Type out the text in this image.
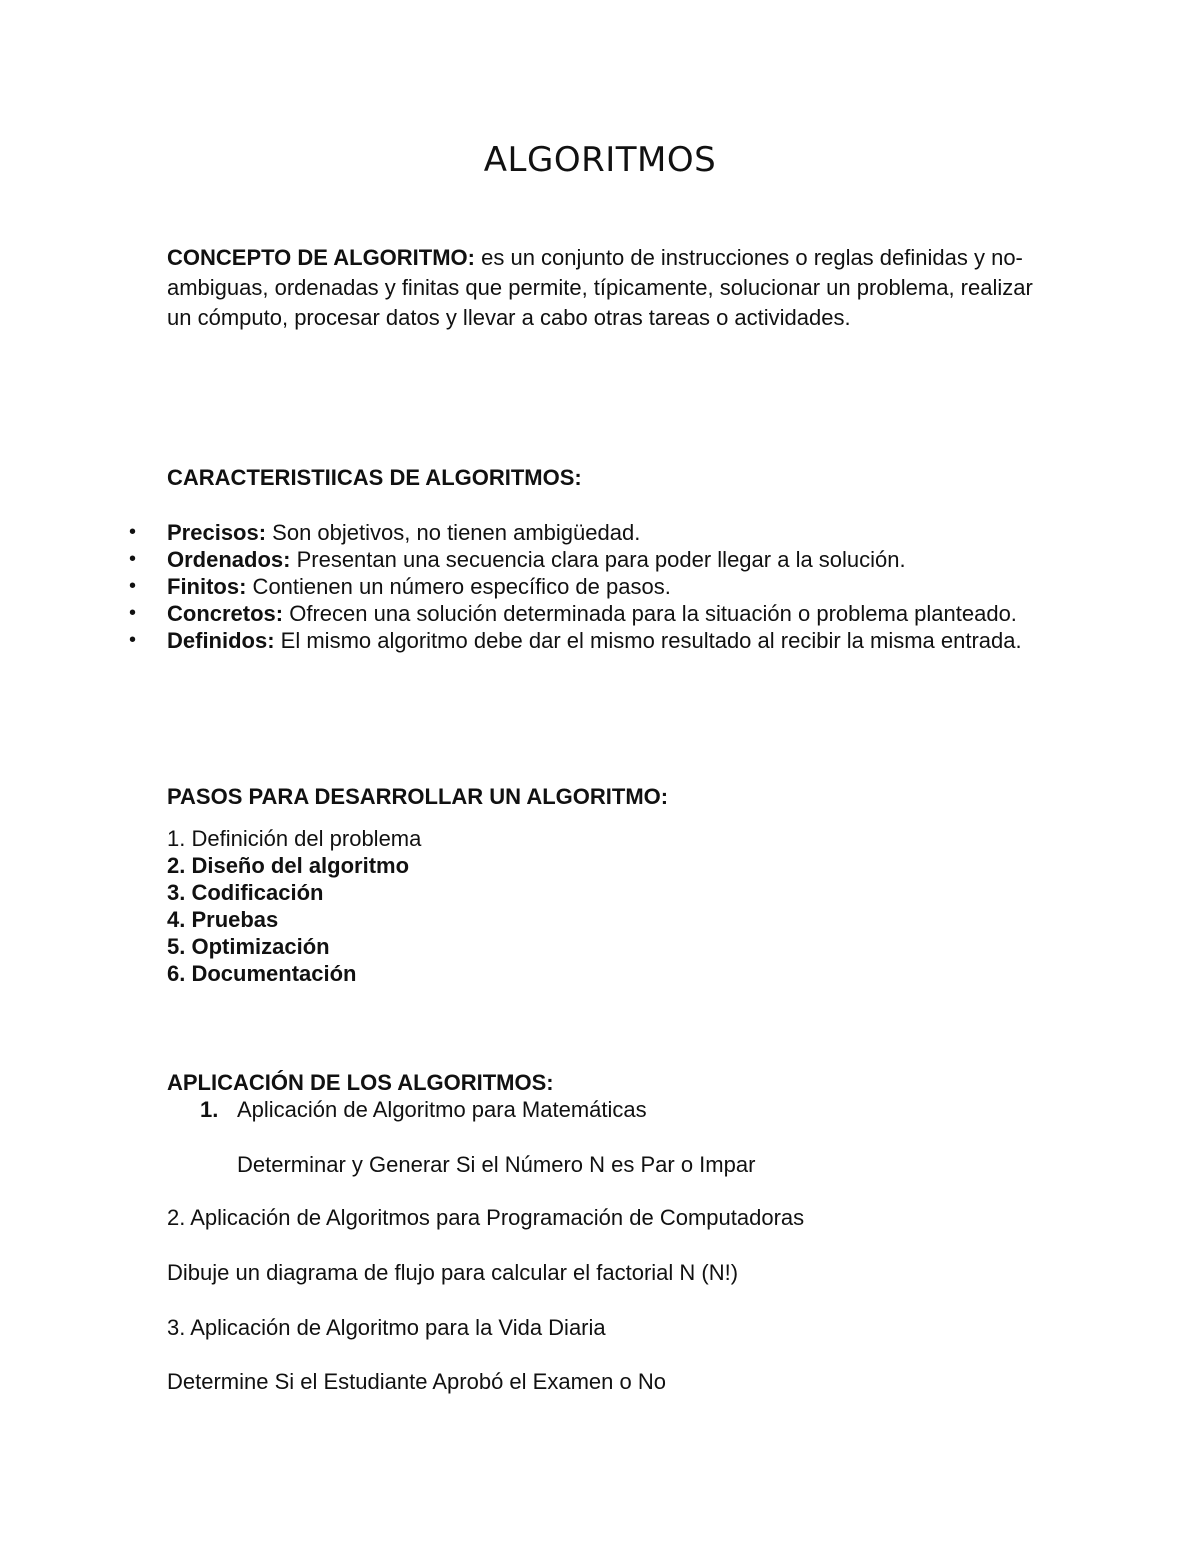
ALGORITMOS
CONCEPTO DE ALGORITMO: es un conjunto de instrucciones o reglas definidas y no-ambiguas, ordenadas y finitas que permite, típicamente, solucionar un problema, realizar un cómputo, procesar datos y llevar a cabo otras tareas o actividades.
CARACTERISTIICAS DE ALGORITMOS:
• Precisos: Son objetivos, no tienen ambigüedad.
• Ordenados: Presentan una secuencia clara para poder llegar a la solución.
• Finitos: Contienen un número específico de pasos.
• Concretos: Ofrecen una solución determinada para la situación o problema planteado.
• Definidos: El mismo algoritmo debe dar el mismo resultado al recibir la misma entrada.
PASOS PARA DESARROLLAR UN ALGORITMO:
1. Definición del problema
2. Diseño del algoritmo
3. Codificación
4. Pruebas
5. Optimización
6. Documentación
APLICACIÓN DE LOS ALGORITMOS:
1. Aplicación de Algoritmo para Matemáticas
Determinar y Generar Si el Número N es Par o Impar
2. Aplicación de Algoritmos para Programación de Computadoras
Dibuje un diagrama de flujo para calcular el factorial N (N!)
3. Aplicación de Algoritmo para la Vida Diaria
Determine Si el Estudiante Aprobó el Examen o No
